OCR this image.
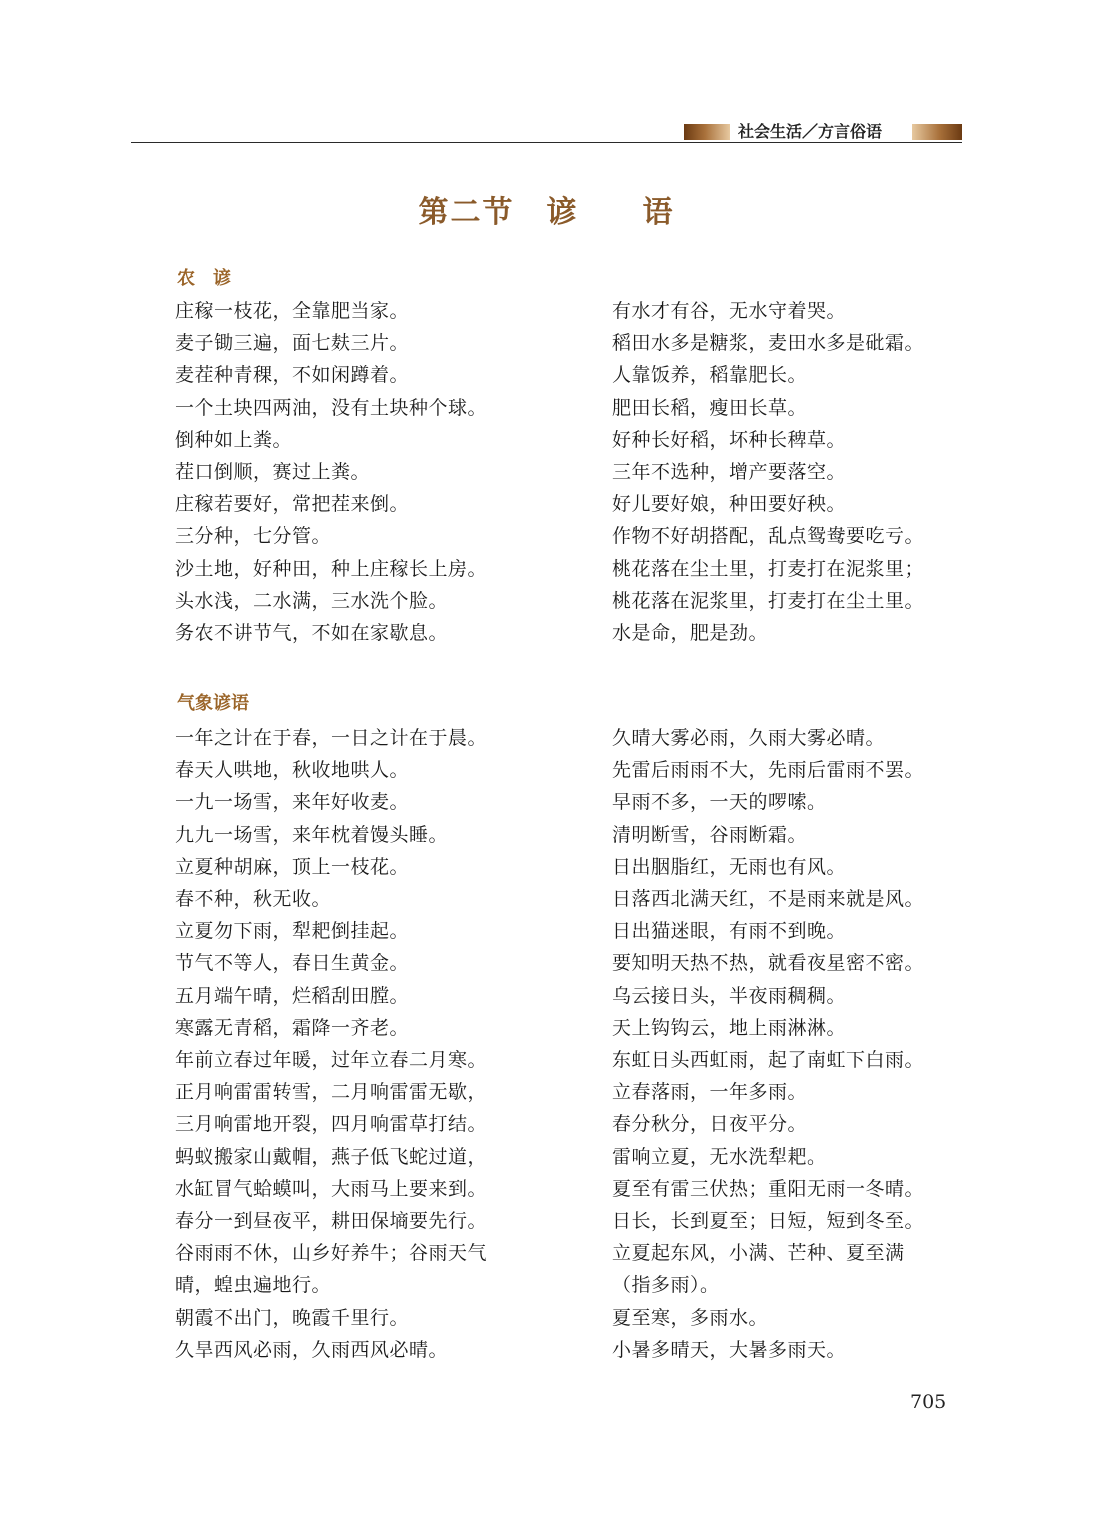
社会生活／方言俗语
第二节　谚　　语
农　谚
庄稼一枝花，全靠肥当家。
麦子锄三遍，面七麸三片。
麦茬种青稞，不如闲蹲着。
一个土块四两油，没有土块种个球。
倒种如上粪。
茬口倒顺，赛过上粪。
庄稼若要好，常把茬来倒。
三分种，七分管。
沙土地，好种田，种上庄稼长上房。
头水浅，二水满，三水洗个脸。
务农不讲节气，不如在家歇息。
有水才有谷，无水守着哭。
稻田水多是糖浆，麦田水多是砒霜。
人靠饭养，稻靠肥长。
肥田长稻，瘦田长草。
好种长好稻，坏种长稗草。
三年不选种，增产要落空。
好儿要好娘，种田要好秧。
作物不好胡搭配，乱点鸳鸯要吃亏。
桃花落在尘土里，打麦打在泥浆里；
桃花落在泥浆里，打麦打在尘土里。
水是命，肥是劲。
气象谚语
一年之计在于春，一日之计在于晨。
春天人哄地，秋收地哄人。
一九一场雪，来年好收麦。
九九一场雪，来年枕着馒头睡。
立夏种胡麻，顶上一枝花。
春不种，秋无收。
立夏勿下雨，犁耙倒挂起。
节气不等人，春日生黄金。
五月端午晴，烂稻刮田膛。
寒露无青稻，霜降一齐老。
年前立春过年暖，过年立春二月寒。
正月响雷雷转雪，二月响雷雷无歇，
三月响雷地开裂，四月响雷草打结。
蚂蚁搬家山戴帽，燕子低飞蛇过道，
水缸冒气蛤蟆叫，大雨马上要来到。
春分一到昼夜平，耕田保墒要先行。
谷雨雨不休，山乡好养牛；谷雨天气
晴，蝗虫遍地行。
朝霞不出门，晚霞千里行。
久旱西风必雨，久雨西风必晴。
久晴大雾必雨，久雨大雾必晴。
先雷后雨雨不大，先雨后雷雨不罢。
早雨不多，一天的啰嗦。
清明断雪，谷雨断霜。
日出胭脂红，无雨也有风。
日落西北满天红，不是雨来就是风。
日出猫迷眼，有雨不到晚。
要知明天热不热，就看夜星密不密。
乌云接日头，半夜雨稠稠。
天上钩钩云，地上雨淋淋。
东虹日头西虹雨，起了南虹下白雨。
立春落雨，一年多雨。
春分秋分，日夜平分。
雷响立夏，无水洗犁耙。
夏至有雷三伏热；重阳无雨一冬晴。
日长，长到夏至；日短，短到冬至。
立夏起东风，小满、芒种、夏至满
（指多雨）。
夏至寒，多雨水。
小暑多晴天，大暑多雨天。
705
